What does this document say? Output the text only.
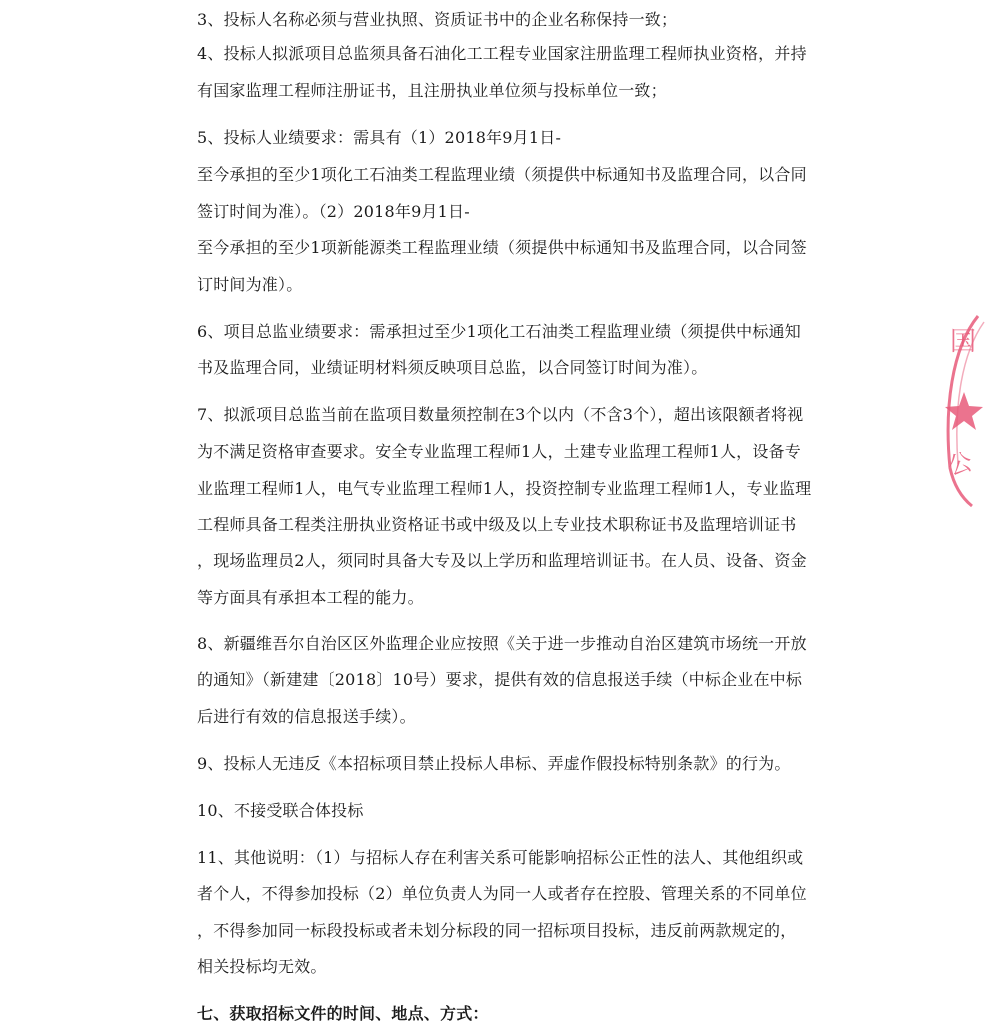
3、投标人名称必须与营业执照、资质证书中的企业名称保持一致；
4、投标人拟派项目总监须具备石油化工工程专业国家注册监理工程师执业资格，并持
有国家监理工程师注册证书，且注册执业单位须与投标单位一致；
5、投标人业绩要求：需具有（1）2018年9月1日-
至今承担的至少1项化工石油类工程监理业绩（须提供中标通知书及监理合同，以合同
签订时间为准）。（2）2018年9月1日-
至今承担的至少1项新能源类工程监理业绩（须提供中标通知书及监理合同，以合同签
订时间为准）。
6、项目总监业绩要求：需承担过至少1项化工石油类工程监理业绩（须提供中标通知
书及监理合同，业绩证明材料须反映项目总监，以合同签订时间为准）。
7、拟派项目总监当前在监项目数量须控制在3个以内（不含3个），超出该限额者将视
为不满足资格审查要求。安全专业监理工程师1人，土建专业监理工程师1人，设备专
业监理工程师1人，电气专业监理工程师1人，投资控制专业监理工程师1人，专业监理
工程师具备工程类注册执业资格证书或中级及以上专业技术职称证书及监理培训证书
，现场监理员2人，须同时具备大专及以上学历和监理培训证书。在人员、设备、资金
等方面具有承担本工程的能力。
8、新疆维吾尔自治区区外监理企业应按照《关于进一步推动自治区建筑市场统一开放
的通知》（新建建〔2018〕10号）要求，提供有效的信息报送手续（中标企业在中标
后进行有效的信息报送手续）。
9、投标人无违反《本招标项目禁止投标人串标、弄虚作假投标特别条款》的行为。
10、不接受联合体投标
11、其他说明：（1）与招标人存在利害关系可能影响招标公正性的法人、其他组织或
者个人，不得参加投标（2）单位负责人为同一人或者存在控股、管理关系的不同单位
，不得参加同一标段投标或者未划分标段的同一招标项目投标，违反前两款规定的，
相关投标均无效。
七、获取招标文件的时间、地点、方式：
国
公
